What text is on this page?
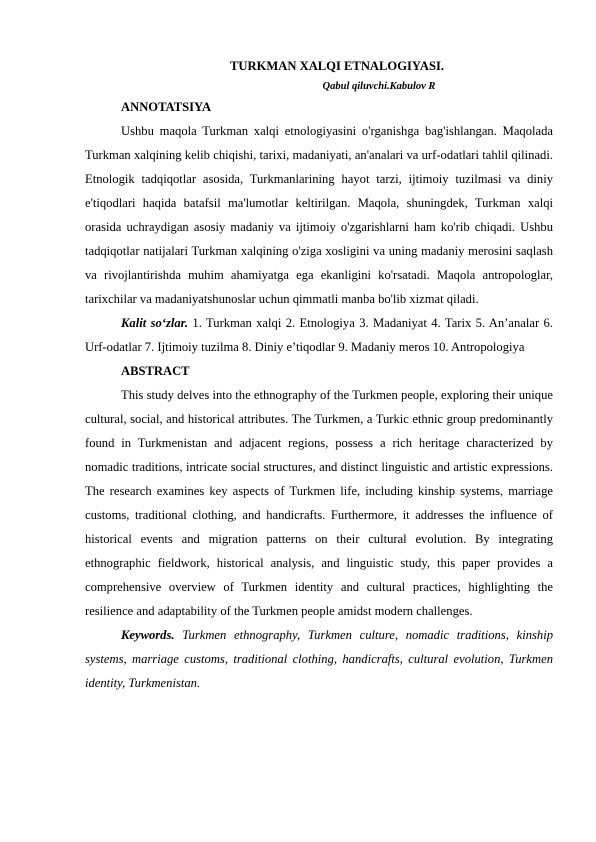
TURKMAN XALQI ETNALOGIYASI.

Qabul qiluvchi.Kabulov R

ANNOTATSIYA

Ushbu maqola Turkman xalqi etnologiyasini o'rganishga bag'ishlangan. Maqolada Turkman xalqining kelib chiqishi, tarixi, madaniyati, an'analari va urf-odatlari tahlil qilinadi. Etnologik tadqiqotlar asosida, Turkmanlarining hayot tarzi, ijtimoiy tuzilmasi va diniy e'tiqodlari haqida batafsil ma'lumotlar keltirilgan. Maqola, shuningdek, Turkman xalqi orasida uchraydigan asosiy madaniy va ijtimoiy o'zgarishlarni ham ko'rib chiqadi. Ushbu tadqiqotlar natijalari Turkman xalqining o'ziga xosligini va uning madaniy merosini saqlash va rivojlantirishda muhim ahamiyatga ega ekanligini ko'rsatadi. Maqola antropologlar, tarixchilar va madaniyatshunoslar uchun qimmatli manba bo'lib xizmat qiladi.

Kalit so‘zlar. 1. Turkman xalqi 2. Etnologiya 3. Madaniyat 4. Tarix 5. An’analar 6. Urf-odatlar 7. Ijtimoiy tuzilma 8. Diniy e’tiqodlar 9. Madaniy meros 10. Antropologiya

ABSTRACT

This study delves into the ethnography of the Turkmen people, exploring their unique cultural, social, and historical attributes. The Turkmen, a Turkic ethnic group predominantly found in Turkmenistan and adjacent regions, possess a rich heritage characterized by nomadic traditions, intricate social structures, and distinct linguistic and artistic expressions. The research examines key aspects of Turkmen life, including kinship systems, marriage customs, traditional clothing, and handicrafts. Furthermore, it addresses the influence of historical events and migration patterns on their cultural evolution. By integrating ethnographic fieldwork, historical analysis, and linguistic study, this paper provides a comprehensive overview of Turkmen identity and cultural practices, highlighting the resilience and adaptability of the Turkmen people amidst modern challenges.

Keywords. Turkmen ethnography, Turkmen culture, nomadic traditions, kinship systems, marriage customs, traditional clothing, handicrafts, cultural evolution, Turkmen identity, Turkmenistan.
